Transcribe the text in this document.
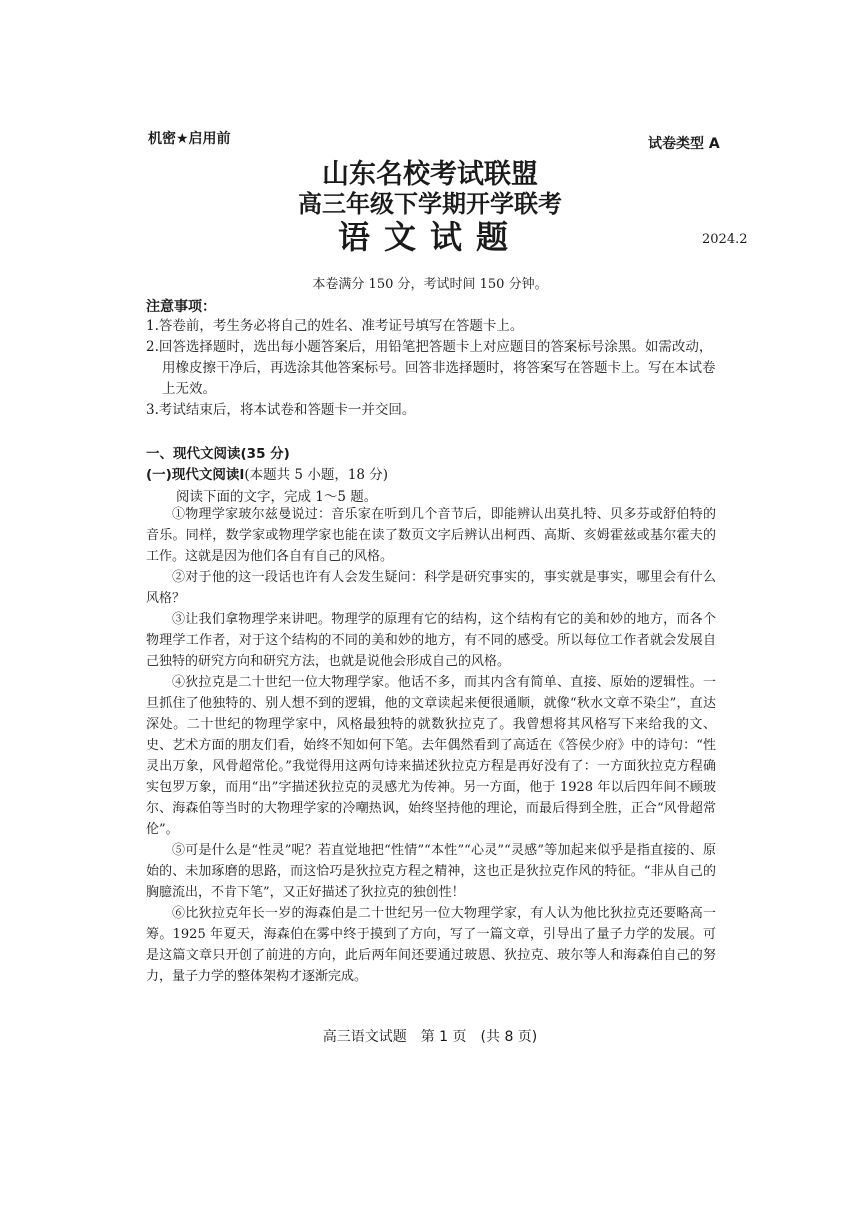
机密★启用前	试卷类型 A
山东名校考试联盟
高三年级下学期开学联考
语文试题	2024.2
本卷满分 150 分，考试时间 150 分钟。
注意事项：
1.答卷前，考生务必将自己的姓名、准考证号填写在答题卡上。
2.回答选择题时，选出每小题答案后，用铅笔把答题卡上对应题目的答案标号涂黑。如需改动，用橡皮擦干净后，再选涂其他答案标号。回答非选择题时，将答案写在答题卡上。写在本试卷上无效。
3.考试结束后，将本试卷和答题卡一并交回。
一、现代文阅读(35 分)
(一)现代文阅读Ⅰ(本题共 5 小题，18 分)
阅读下面的文字，完成 1～5 题。

①物理学家玻尔兹曼说过：音乐家在听到几个音节后，即能辨认出莫扎特、贝多芬或舒伯特的音乐。同样，数学家或物理学家也能在读了数页文字后辨认出柯西、高斯、亥姆霍兹或基尔霍夫的工作。这就是因为他们各自有自己的风格。

②对于他的这一段话也许有人会发生疑问：科学是研究事实的，事实就是事实，哪里会有什么风格？

③让我们拿物理学来讲吧。物理学的原理有它的结构，这个结构有它的美和妙的地方，而各个物理学工作者，对于这个结构的不同的美和妙的地方，有不同的感受。所以每位工作者就会发展自己独特的研究方向和研究方法，也就是说他会形成自己的风格。

④狄拉克是二十世纪一位大物理学家。他话不多，而其内含有简单、直接、原始的逻辑性。一旦抓住了他独特的、别人想不到的逻辑，他的文章读起来便很通顺，就像“秋水文章不染尘”，直达深处。二十世纪的物理学家中，风格最独特的就数狄拉克了。我曾想将其风格写下来给我的文、史、艺术方面的朋友们看，始终不知如何下笔。去年偶然看到了高适在《答侯少府》中的诗句：“性灵出万象，风骨超常伦。”我觉得用这两句诗来描述狄拉克方程是再好没有了：一方面狄拉克方程确实包罗万象，而用“出”字描述狄拉克的灵感尤为传神。另一方面，他于 1928 年以后四年间不顾玻尔、海森伯等当时的大物理学家的冷嘲热讽，始终坚持他的理论，而最后得到全胜，正合“风骨超常伦”。

⑤可是什么是“性灵”呢？若直觉地把“性情”“本性”“心灵”“灵感”等加起来似乎是指直接的、原始的、未加琢磨的思路，而这恰巧是狄拉克方程之精神，这也正是狄拉克作风的特征。“非从自己的胸臆流出，不肯下笔”，又正好描述了狄拉克的独创性！

⑥比狄拉克年长一岁的海森伯是二十世纪另一位大物理学家，有人认为他比狄拉克还要略高一筹。1925 年夏天，海森伯在雾中终于摸到了方向，写了一篇文章，引导出了量子力学的发展。可是这篇文章只开创了前进的方向，此后两年间还要通过玻恩、狄拉克、玻尔等人和海森伯自己的努力，量子力学的整体架构才逐渐完成。

高三语文试题　第 1 页　(共 8 页)
